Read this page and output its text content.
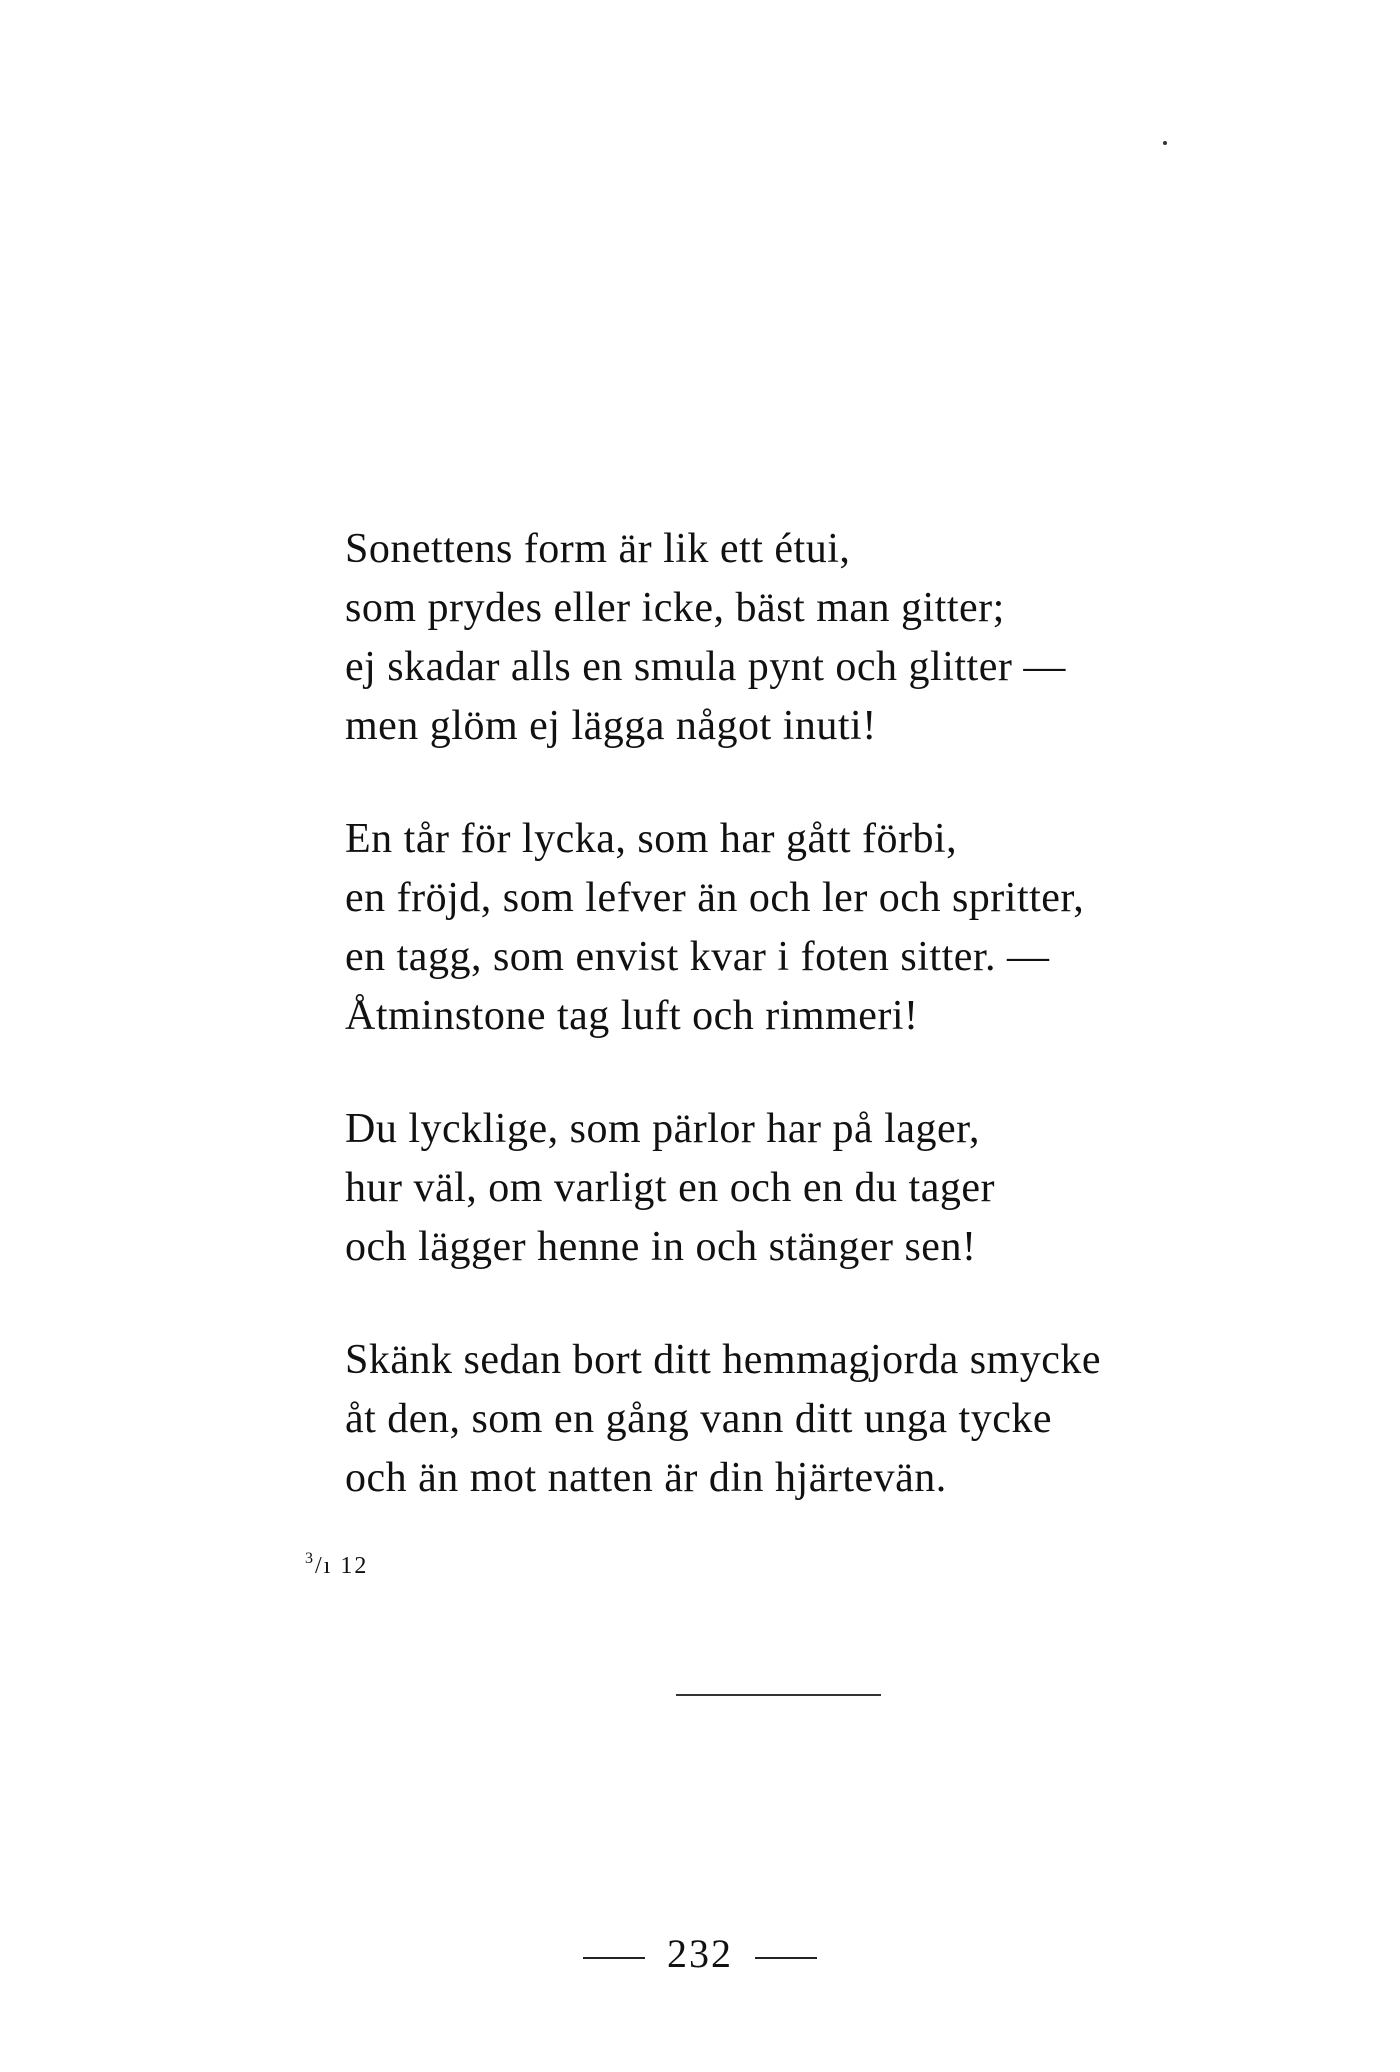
Sonettens form är lik ett étui,
som prydes eller icke, bäst man gitter;
ej skadar alls en smula pynt och glitter —
men glöm ej lägga något inuti!
En tår för lycka, som har gått förbi,
en fröjd, som lefver än och ler och spritter,
en tagg, som envist kvar i foten sitter. —
Åtminstone tag luft och rimmeri!
Du lycklige, som pärlor har på lager,
hur väl, om varligt en och en du tager
och lägger henne in och stänger sen!
Skänk sedan bort ditt hemmagjorda smycke
åt den, som en gång vann ditt unga tycke
och än mot natten är din hjärtevän.
$^3$/ı 12
232
